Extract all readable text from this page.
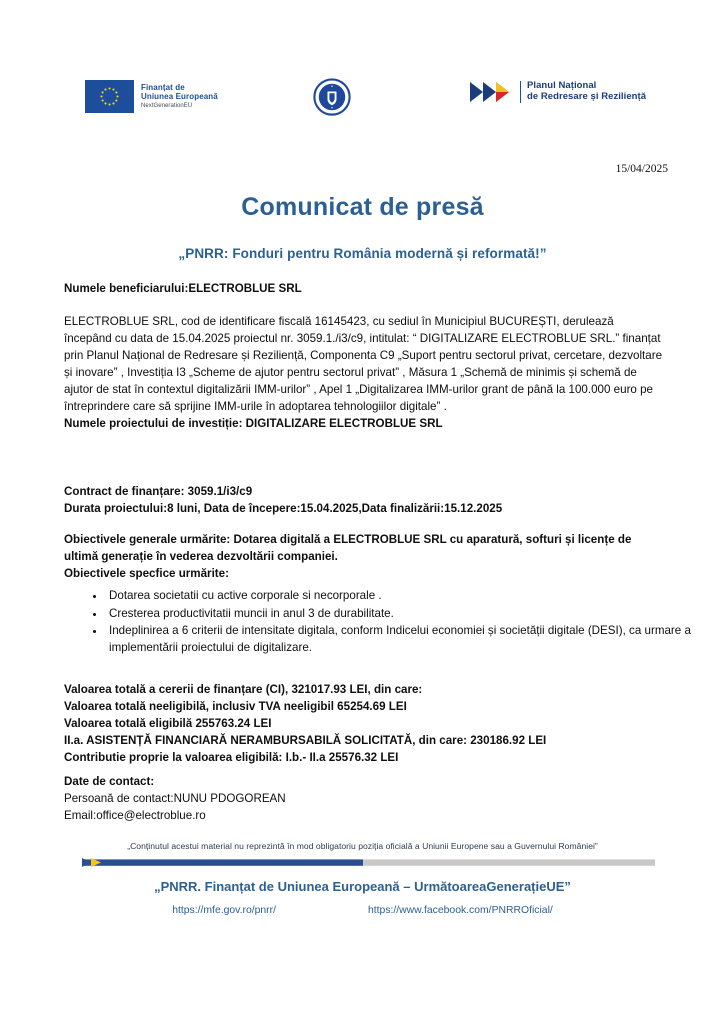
Finanțat de
Uniunea Europeană
NextGenerationEU
Planul Național
de Redresare și Reziliență
15/04/2025
Comunicat de presă
„PNRR: Fonduri pentru România modernă și reformată!”

Numele beneficiarului:ELECTROBLUE SRL

ELECTROBLUE SRL, cod de identificare fiscală 16145423, cu sediul în Municipiul BUCUREȘTI, derulează începând cu data de 15.04.2025 proiectul nr. 3059.1./i3/c9, intitulat: “ DIGITALIZARE ELECTROBLUE SRL.” finanțat prin Planul Național de Redresare și Reziliență, Componenta C9 „Suport pentru sectorul privat, cercetare, dezvoltare și inovare” , Investiția I3 „Scheme de ajutor pentru sectorul privat” , Măsura 1 „Schemă de minimis și schemă de ajutor de stat în contextul digitalizării IMM-urilor” , Apel 1 „Digitalizarea IMM-urilor grant de până la 100.000 euro pe întreprindere care să sprijine IMM-urile în adoptarea tehnologiilor digitale” .

Numele proiectului de investiție: DIGITALIZARE ELECTROBLUE SRL

Contract de finanțare: 3059.1/i3/c9

Durata proiectului:8 luni, Data de începere:15.04.2025,Data finalizării:15.12.2025

Obiectivele generale urmărite: Dotarea digitală a ELECTROBLUE SRL cu aparatură, softuri și licențe de ultimă generație în vederea dezvoltării companiei.

Obiectivele specfice urmărite:

• Dotarea societatii cu active corporale si necorporale .
• Cresterea productivitatii muncii in anul 3 de durabilitate.
• Indeplinirea a 6 criterii de intensitate digitala, conform Indicelui economiei și societății digitale (DESI), ca urmare a implementării proiectului de digitalizare.

Valoarea totală a cererii de finanțare (CI), 321017.93 LEI, din care:

Valoarea totală neeligibilă, inclusiv TVA neeligibil 65254.69 LEI

Valoarea totală eligibilă 255763.24 LEI

II.a. ASISTENȚĂ FINANCIARĂ NERAMBURSABILĂ SOLICITATĂ, din care: 230186.92 LEI

Contributie proprie la valoarea eligibilă: I.b.- II.a 25576.32 LEI

Date de contact:

Persoană de contact:NUNU PDOGOREAN

Email:office@electroblue.ro

„Conținutul acestui material nu reprezintă în mod obligatoriu poziția oficială a Uniunii Europene sau a Guvernului României”
„PNRR. Finanțat de Uniunea Europeană – UrmătoareaGenerațieUE”
https://mfe.gov.ro/pnrr/	https://www.facebook.com/PNRROficial/
